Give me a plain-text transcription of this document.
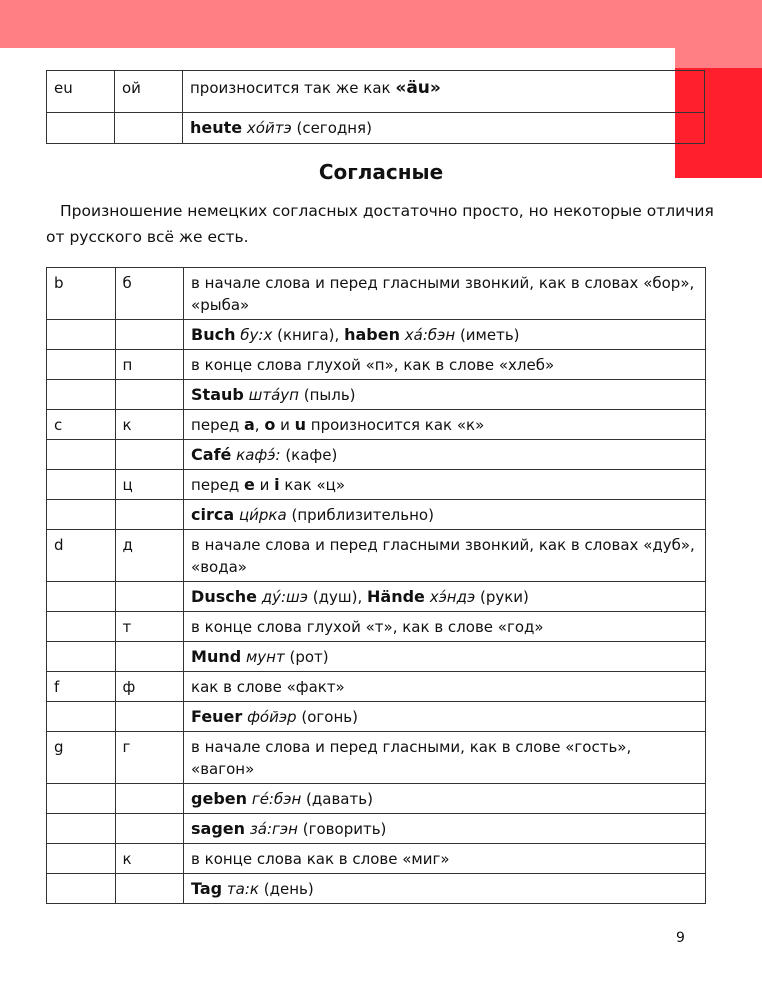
eu	ой	произносится так же как «äu»
		heute хóйтэ (сегодня)
Согласные

Произношение немецких согласных достаточно просто, но некоторые отличия от русского всё же есть.

b	б	в начале слова и перед гласными звонкий, как в словах «бор», «рыба»
		Buch бу:х (книга), haben хá:бэн (иметь)
	п	в конце слова глухой «п», как в слове «хлеб»
		Staub штáуп (пыль)
c	к	перед a, o и u произносится как «к»
		Café кафэ́: (кафе)
	ц	перед e и i как «ц»
		circa ци́рка (приблизительно)
d	д	в начале слова и перед гласными звонкий, как в словах «дуб», «вода»
		Dusche дý:шэ (душ), Hände хэ́ндэ (руки)
	т	в конце слова глухой «т», как в слове «год»
		Mund мунт (рот)
f	ф	как в слове «факт»
		Feuer фóйэр (огонь)
g	г	в начале слова и перед гласными, как в слове «гость», «вагон»
		geben гé:бэн (давать)
		sagen зá:гэн (говорить)
	к	в конце слова как в слове «миг»
		Tag та:к (день)
9
